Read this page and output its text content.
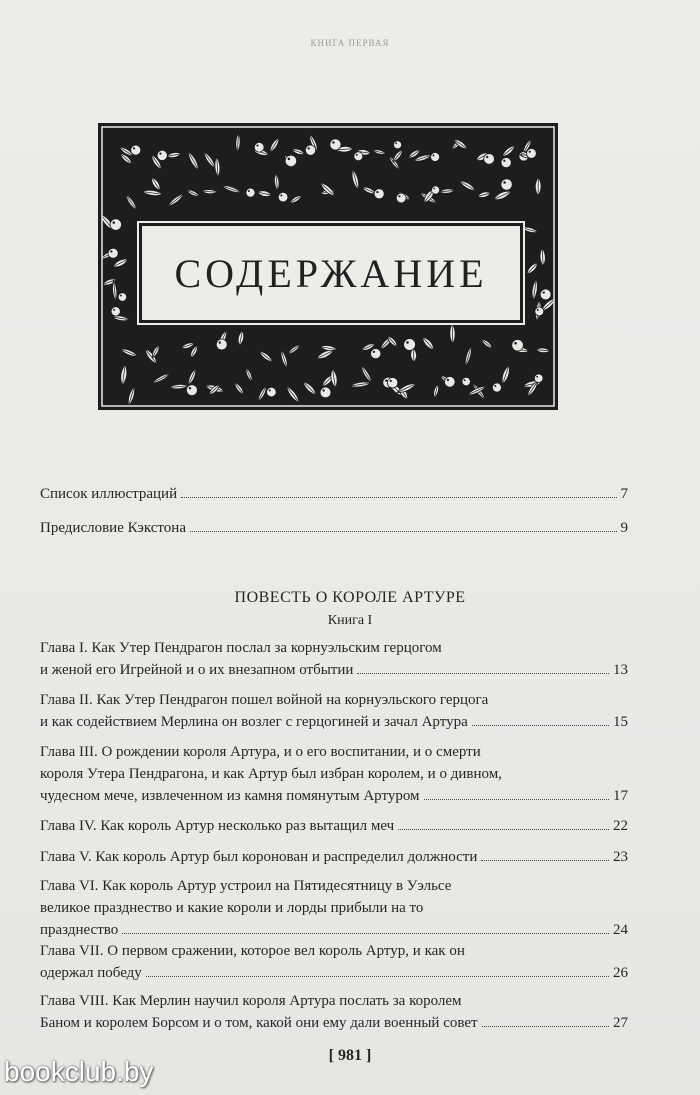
КНИГА ПЕРВАЯ
СОДЕРЖАНИЕ
Список иллюстраций	7
Предисловие Кэкстона	9
ПОВЕСТЬ О КОРОЛЕ АРТУРЕ
Книга I
Глава I. Как Утер Пендрагон послал за корнуэльским герцогом
и женой его Игрейной и о их внезапном отбытии	13
Глава II. Как Утер Пендрагон пошел войной на корнуэльского герцога
и как содействием Мерлина он возлег с герцогиней и зачал Артура	15
Глава III. О рождении короля Артура, и о его воспитании, и о смерти
короля Утера Пендрагона, и как Артур был избран королем, и о дивном,
чудесном мече, извлеченном из камня помянутым Артуром	17
Глава IV. Как король Артур несколько раз вытащил меч	22
Глава V. Как король Артур был коронован и распределил должности	23
Глава VI. Как король Артур устроил на Пятидесятницу в Уэльсе
великое празднество и какие короли и лорды прибыли на то
празднество	24
Глава VII. О первом сражении, которое вел король Артур, и как он
одержал победу	26
Глава VIII. Как Мерлин научил короля Артура послать за королем
Баном и королем Борсом и о том, какой они ему дали военный совет	27
[ 981 ]
bookclub.by
